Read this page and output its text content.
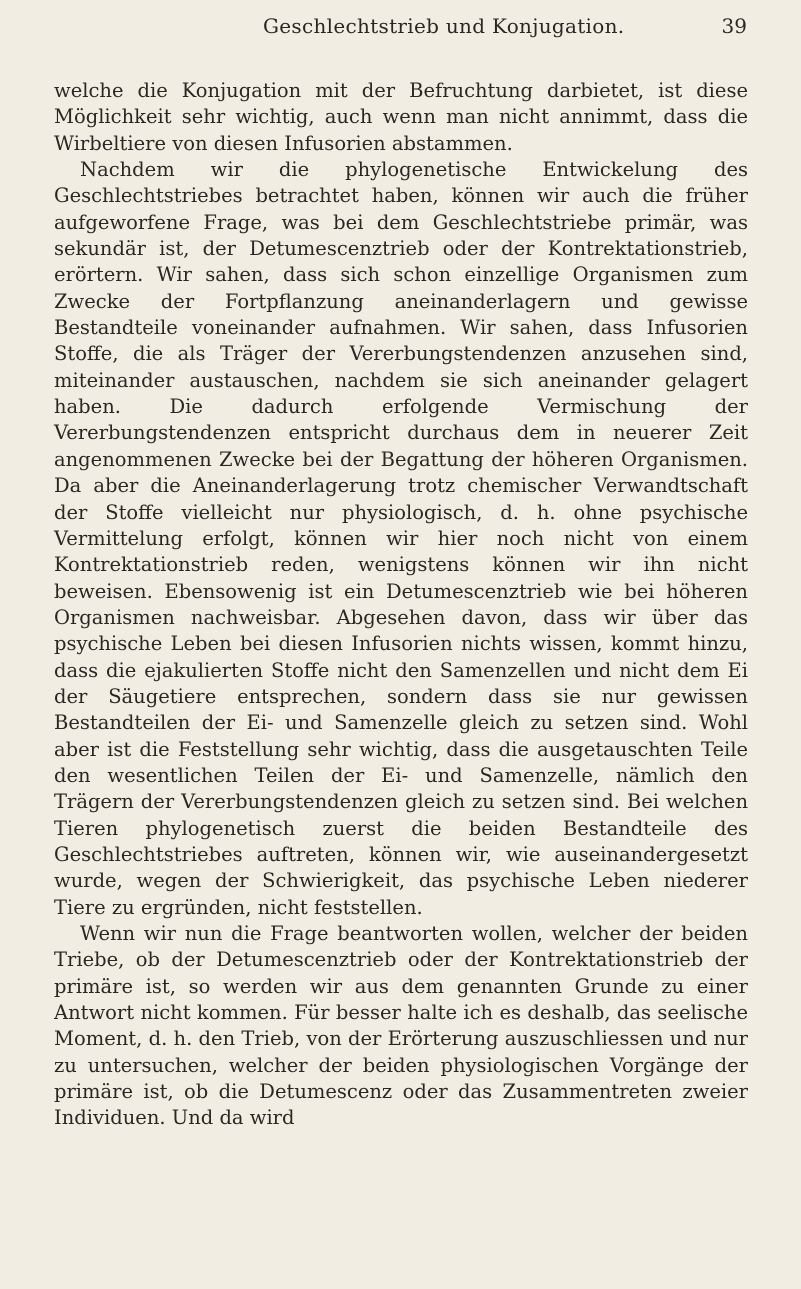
Geschlechtstrieb und Konjugation.	39

welche die Konjugation mit der Befruchtung darbietet, ist diese Möglichkeit sehr wichtig, auch wenn man nicht annimmt, dass die Wirbeltiere von diesen Infusorien abstammen.

Nachdem wir die phylogenetische Entwickelung des Geschlechtstriebes betrachtet haben, können wir auch die früher aufgeworfene Frage, was bei dem Geschlechtstriebe primär, was sekundär ist, der Detumescenztrieb oder der Kontrektationstrieb, erörtern. Wir sahen, dass sich schon einzellige Organismen zum Zwecke der Fortpflanzung aneinanderlagern und gewisse Bestandteile voneinander aufnahmen. Wir sahen, dass Infusorien Stoffe, die als Träger der Vererbungstendenzen anzusehen sind, miteinander austauschen, nachdem sie sich aneinander gelagert haben. Die dadurch erfolgende Vermischung der Vererbungstendenzen entspricht durchaus dem in neuerer Zeit angenommenen Zwecke bei der Begattung der höheren Organismen. Da aber die Aneinanderlagerung trotz chemischer Verwandtschaft der Stoffe vielleicht nur physiologisch, d. h. ohne psychische Vermittelung erfolgt, können wir hier noch nicht von einem Kontrektationstrieb reden, wenigstens können wir ihn nicht beweisen. Ebensowenig ist ein Detumescenztrieb wie bei höheren Organismen nachweisbar. Abgesehen davon, dass wir über das psychische Leben bei diesen Infusorien nichts wissen, kommt hinzu, dass die ejakulierten Stoffe nicht den Samenzellen und nicht dem Ei der Säugetiere entsprechen, sondern dass sie nur gewissen Bestandteilen der Ei- und Samenzelle gleich zu setzen sind. Wohl aber ist die Feststellung sehr wichtig, dass die ausgetauschten Teile den wesentlichen Teilen der Ei- und Samenzelle, nämlich den Trägern der Vererbungstendenzen gleich zu setzen sind. Bei welchen Tieren phylogenetisch zuerst die beiden Bestandteile des Geschlechtstriebes auftreten, können wir, wie auseinandergesetzt wurde, wegen der Schwierigkeit, das psychische Leben niederer Tiere zu ergründen, nicht feststellen.

Wenn wir nun die Frage beantworten wollen, welcher der beiden Triebe, ob der Detumescenztrieb oder der Kontrektationstrieb der primäre ist, so werden wir aus dem genannten Grunde zu einer Antwort nicht kommen. Für besser halte ich es deshalb, das seelische Moment, d. h. den Trieb, von der Erörterung auszuschliessen und nur zu untersuchen, welcher der beiden physiologischen Vorgänge der primäre ist, ob die Detumescenz oder das Zusammentreten zweier Individuen. Und da wird
